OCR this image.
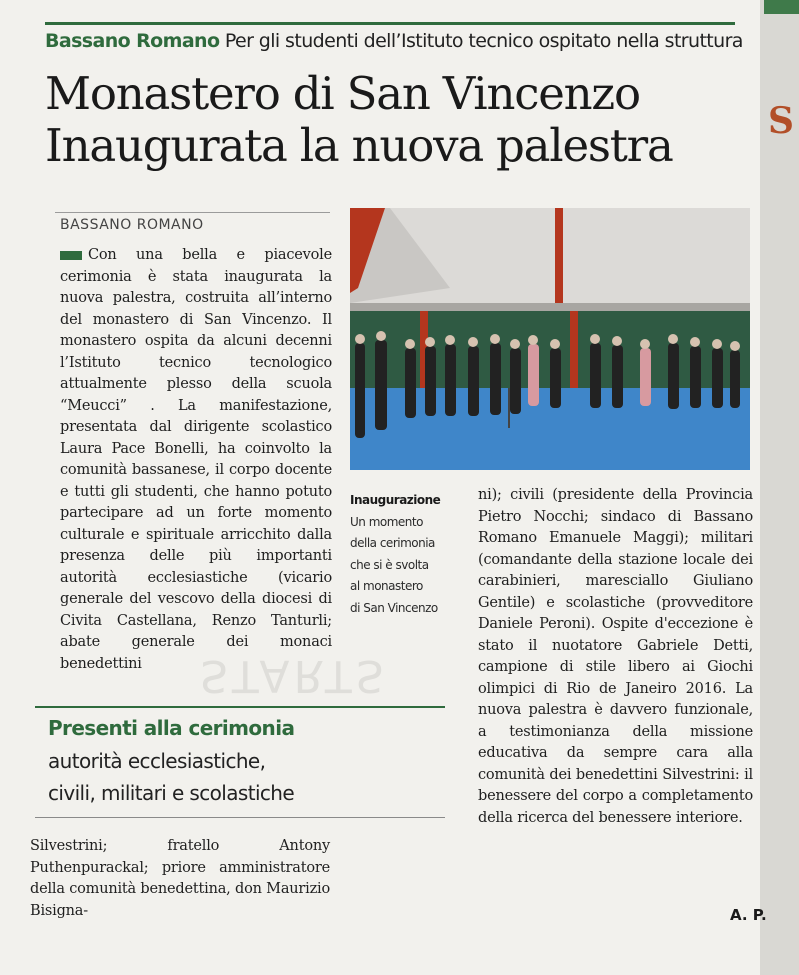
S
Bassano Romano Per gli studenti dell’Istituto tecnico ospitato nella struttura
Monastero di San Vincenzo
Inaugurata la nuova palestra
BASSANO ROMANO
Con una bella e piacevole cerimonia è stata inaugurata la nuova palestra, costruita all’interno del monastero di San Vincenzo. Il monastero ospita da alcuni decenni l’Istituto tecnico tecnologico attualmente plesso della scuola “Meucci” . La manifestazione, presentata dal dirigente scolastico Laura Pace Bonelli, ha coinvolto la comunità bassanese, il corpo docente e tutti gli studenti, che hanno potuto partecipare ad un forte momento culturale e spirituale arricchito dalla presenza delle più importanti autorità ecclesiastiche (vicario generale del vescovo della diocesi di Civita Castellana, Renzo Tanturli; abate generale dei monaci benedettini
Inaugurazione
Un momento
della cerimonia
che si è svolta
al monastero
di San Vincenzo
ni); civili (presidente della Provincia Pietro Nocchi; sindaco di Bassano Romano Emanuele Maggi); militari (comandante della stazione locale dei carabinieri, maresciallo Giuliano Gentile) e scolastiche (provveditore Daniele Peroni). Ospite d'eccezione è stato il nuotatore Gabriele Detti, campione di stile libero ai Giochi olimpici di Rio de Janeiro 2016. La nuova palestra è davvero funzionale, a testimonianza della missione educativa da sempre cara alla comunità dei benedettini Silvestrini: il benessere del corpo a completamento della ricerca del benessere interiore.
STARTS
Presenti alla cerimonia
autorità ecclesiastiche,
civili, militari e scolastiche
Silvestrini; fratello Antony Puthenpurackal; priore amministratore della comunità benedettina, don Maurizio Bisigna-	A. P.
